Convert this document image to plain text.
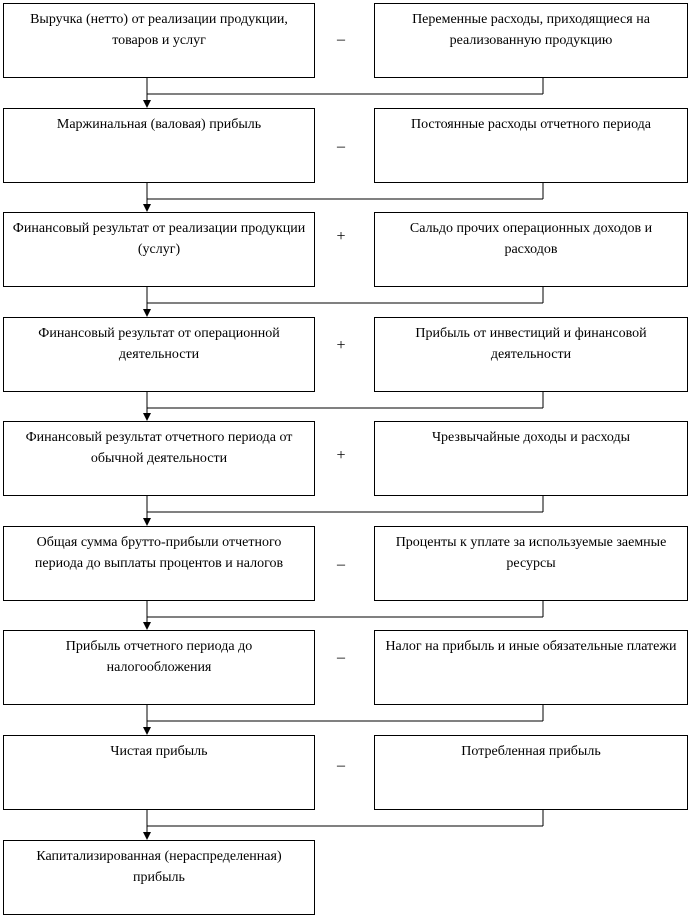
Выручка (нетто) от реализации продукции, товаров и услуг	–
Переменные расходы, приходящиеся на реализованную продукцию
Маржинальная (валовая) прибыль
–
Постоянные расходы отчетного периода
Финансовый результат от реализации продукции (услуг)
+	Сальдо прочих операционных доходов и расходов
Финансовый результат от операционной деятельности
+
Прибыль от инвестиций и финансовой деятельности
Финансовый результат отчетного периода от обычной деятельности	+
Чрезвычайные доходы и расходы
Общая сумма брутто-прибыли отчетного периода до выплаты процентов и налогов	–
Проценты к уплате за используемые заемные ресурсы
Прибыль отчетного периода до налогообложения
–
Налог на прибыль и иные обязательные платежи
Чистая прибыль
–
Потребленная прибыль
Капитализированная (нераспределенная) прибыль
